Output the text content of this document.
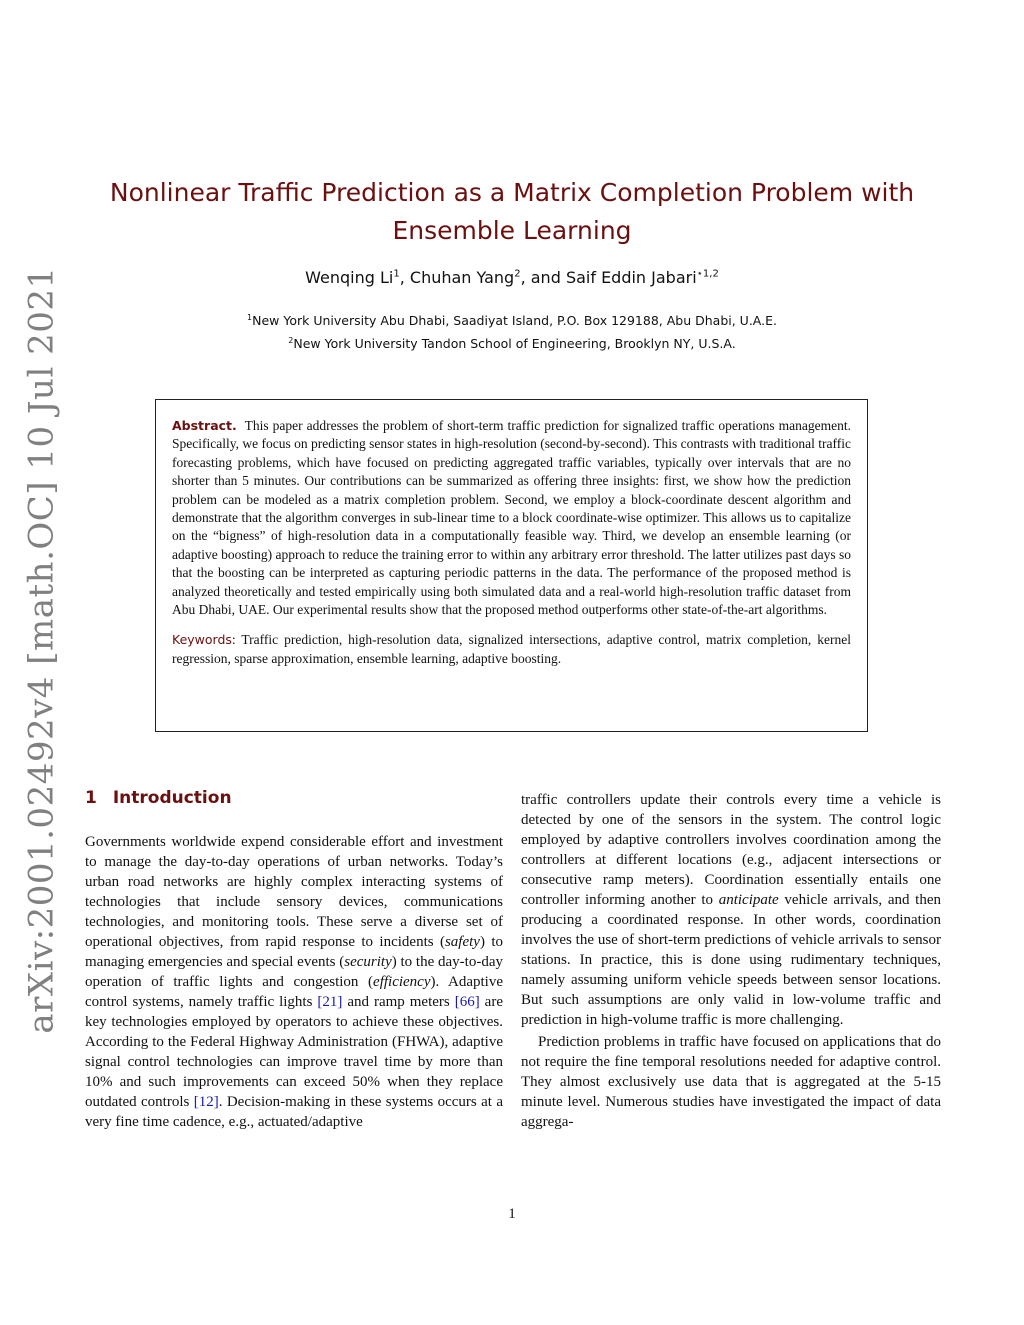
arXiv:2001.02492v4 [math.OC] 10 Jul 2021
Nonlinear Traffic Prediction as a Matrix Completion Problem with
Ensemble Learning
Wenqing Li$^1$, Chuhan Yang$^2$, and Saif Eddin Jabari$^{⋆1,2}$
$^1$New York University Abu Dhabi, Saadiyat Island, P.O. Box 129188, Abu Dhabi, U.A.E.
$^2$New York University Tandon School of Engineering, Brooklyn NY, U.S.A.
Abstract. This paper addresses the problem of short-term traffic prediction for signalized traffic operations management. Specifically, we focus on predicting sensor states in high-resolution (second-by-second). This contrasts with traditional traffic forecasting problems, which have focused on predicting aggregated traffic variables, typically over intervals that are no shorter than 5 minutes. Our contributions can be summarized as offering three insights: first, we show how the prediction problem can be modeled as a matrix completion problem. Second, we employ a block-coordinate descent algorithm and demonstrate that the algorithm converges in sub-linear time to a block coordinate-wise optimizer. This allows us to capitalize on the “bigness” of high-resolution data in a computationally feasible way. Third, we develop an ensemble learning (or adaptive boosting) approach to reduce the training error to within any arbitrary error threshold. The latter utilizes past days so that the boosting can be interpreted as capturing periodic patterns in the data. The performance of the proposed method is analyzed theoretically and tested empirically using both simulated data and a real-world high-resolution traffic dataset from Abu Dhabi, UAE. Our experimental results show that the proposed method outperforms other state-of-the-art algorithms.
Keywords: Traffic prediction, high-resolution data, signalized intersections, adaptive control, matrix completion, kernel regression, sparse approximation, ensemble learning, adaptive boosting.
1 Introduction

Governments worldwide expend considerable effort and investment to manage the day-to-day operations of urban networks. Today’s urban road networks are highly complex interacting systems of technologies that include sensory devices, communications technologies, and monitoring tools. These serve a diverse set of operational objectives, from rapid response to incidents (safety) to managing emergencies and special events (security) to the day-to-day operation of traffic lights and congestion (efficiency). Adaptive control systems, namely traffic lights [21] and ramp meters [66] are key technologies employed by operators to achieve these objectives. According to the Federal Highway Administration (FHWA), adaptive signal control technologies can improve travel time by more than 10% and such improvements can exceed 50% when they replace outdated controls [12]. Decision-making in these systems occurs at a very fine time cadence, e.g., actuated/adaptive

traffic controllers update their controls every time a vehicle is detected by one of the sensors in the system. The control logic employed by adaptive controllers involves coordination among the controllers at different locations (e.g., adjacent intersections or consecutive ramp meters). Coordination essentially entails one controller informing another to anticipate vehicle arrivals, and then producing a coordinated response. In other words, coordination involves the use of short-term predictions of vehicle arrivals to sensor stations. In practice, this is done using rudimentary techniques, namely assuming uniform vehicle speeds between sensor locations. But such assumptions are only valid in low-volume traffic and prediction in high-volume traffic is more challenging.

Prediction problems in traffic have focused on applications that do not require the fine temporal resolutions needed for adaptive control. They almost exclusively use data that is aggregated at the 5-15 minute level. Numerous studies have investigated the impact of data aggrega-

1
